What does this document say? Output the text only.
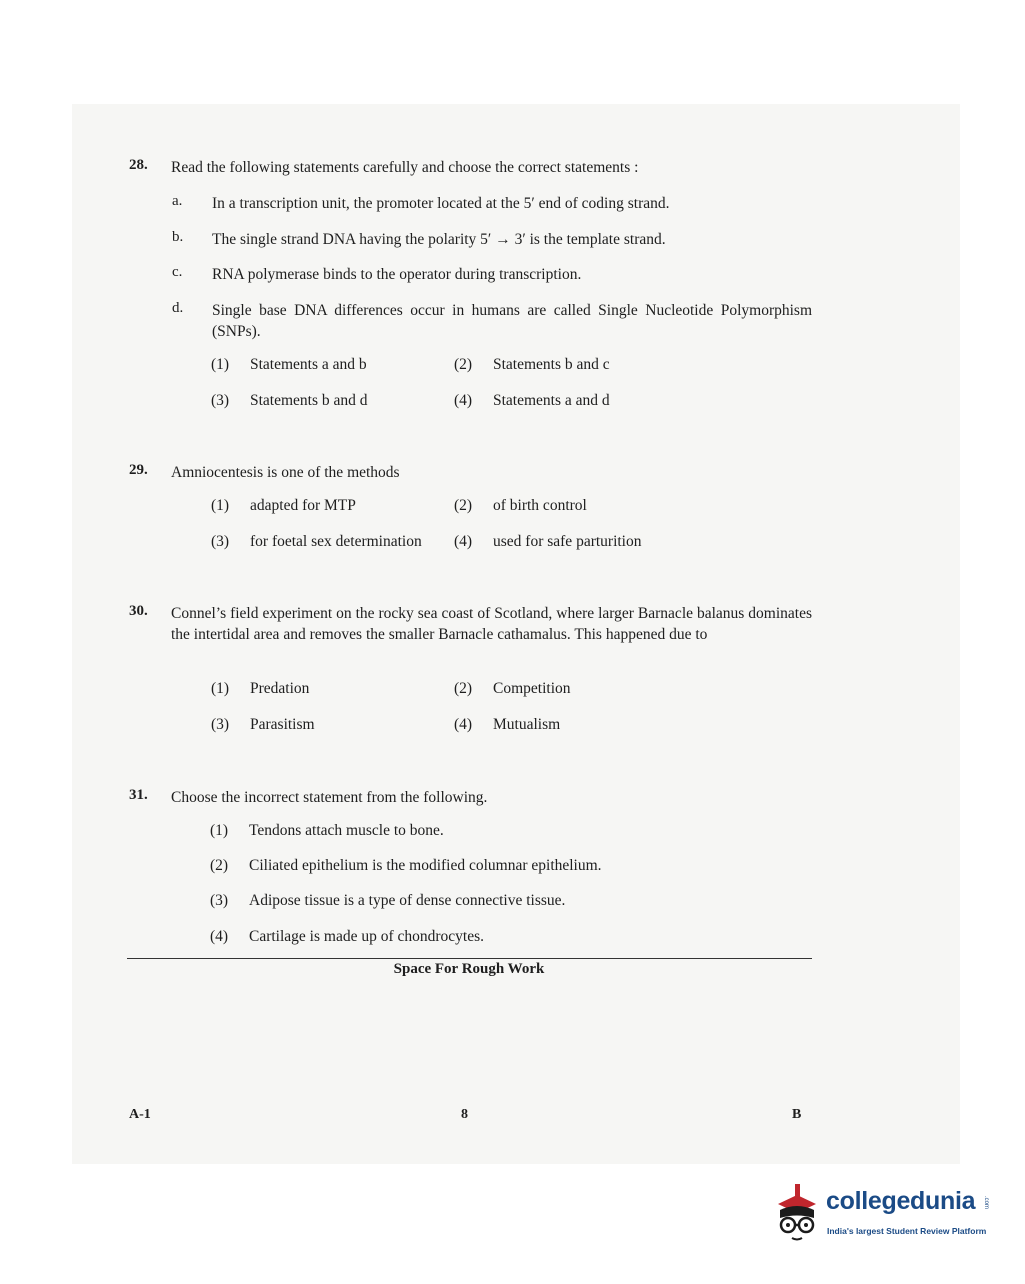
28. Read the following statements carefully and choose the correct statements :
a. In a transcription unit, the promoter located at the 5′ end of coding strand.
b. The single strand DNA having the polarity 5′ → 3′ is the template strand.
c. RNA polymerase binds to the operator during transcription.
d. Single base DNA differences occur in humans are called Single Nucleotide Polymorphism (SNPs).
(1) Statements a and b	(2) Statements b and c
(3) Statements b and d	(4) Statements a and d
29. Amniocentesis is one of the methods
(1) adapted for MTP	(2) of birth control
(3) for foetal sex determination (4) used for safe parturition
30. Connel’s field experiment on the rocky sea coast of Scotland, where larger Barnacle balanus dominates the intertidal area and removes the smaller Barnacle cathamalus. This happened due to
(1) Predation	(2) Competition
(3) Parasitism	(4) Mutualism
31. Choose the incorrect statement from the following.
(1) Tendons attach muscle to bone.
(2) Ciliated epithelium is the modified columnar epithelium.
(3) Adipose tissue is a type of dense connective tissue.
(4) Cartilage is made up of chondrocytes.
Space For Rough Work
A-1	8	B
collegedunia .com
India's largest Student Review Platform
